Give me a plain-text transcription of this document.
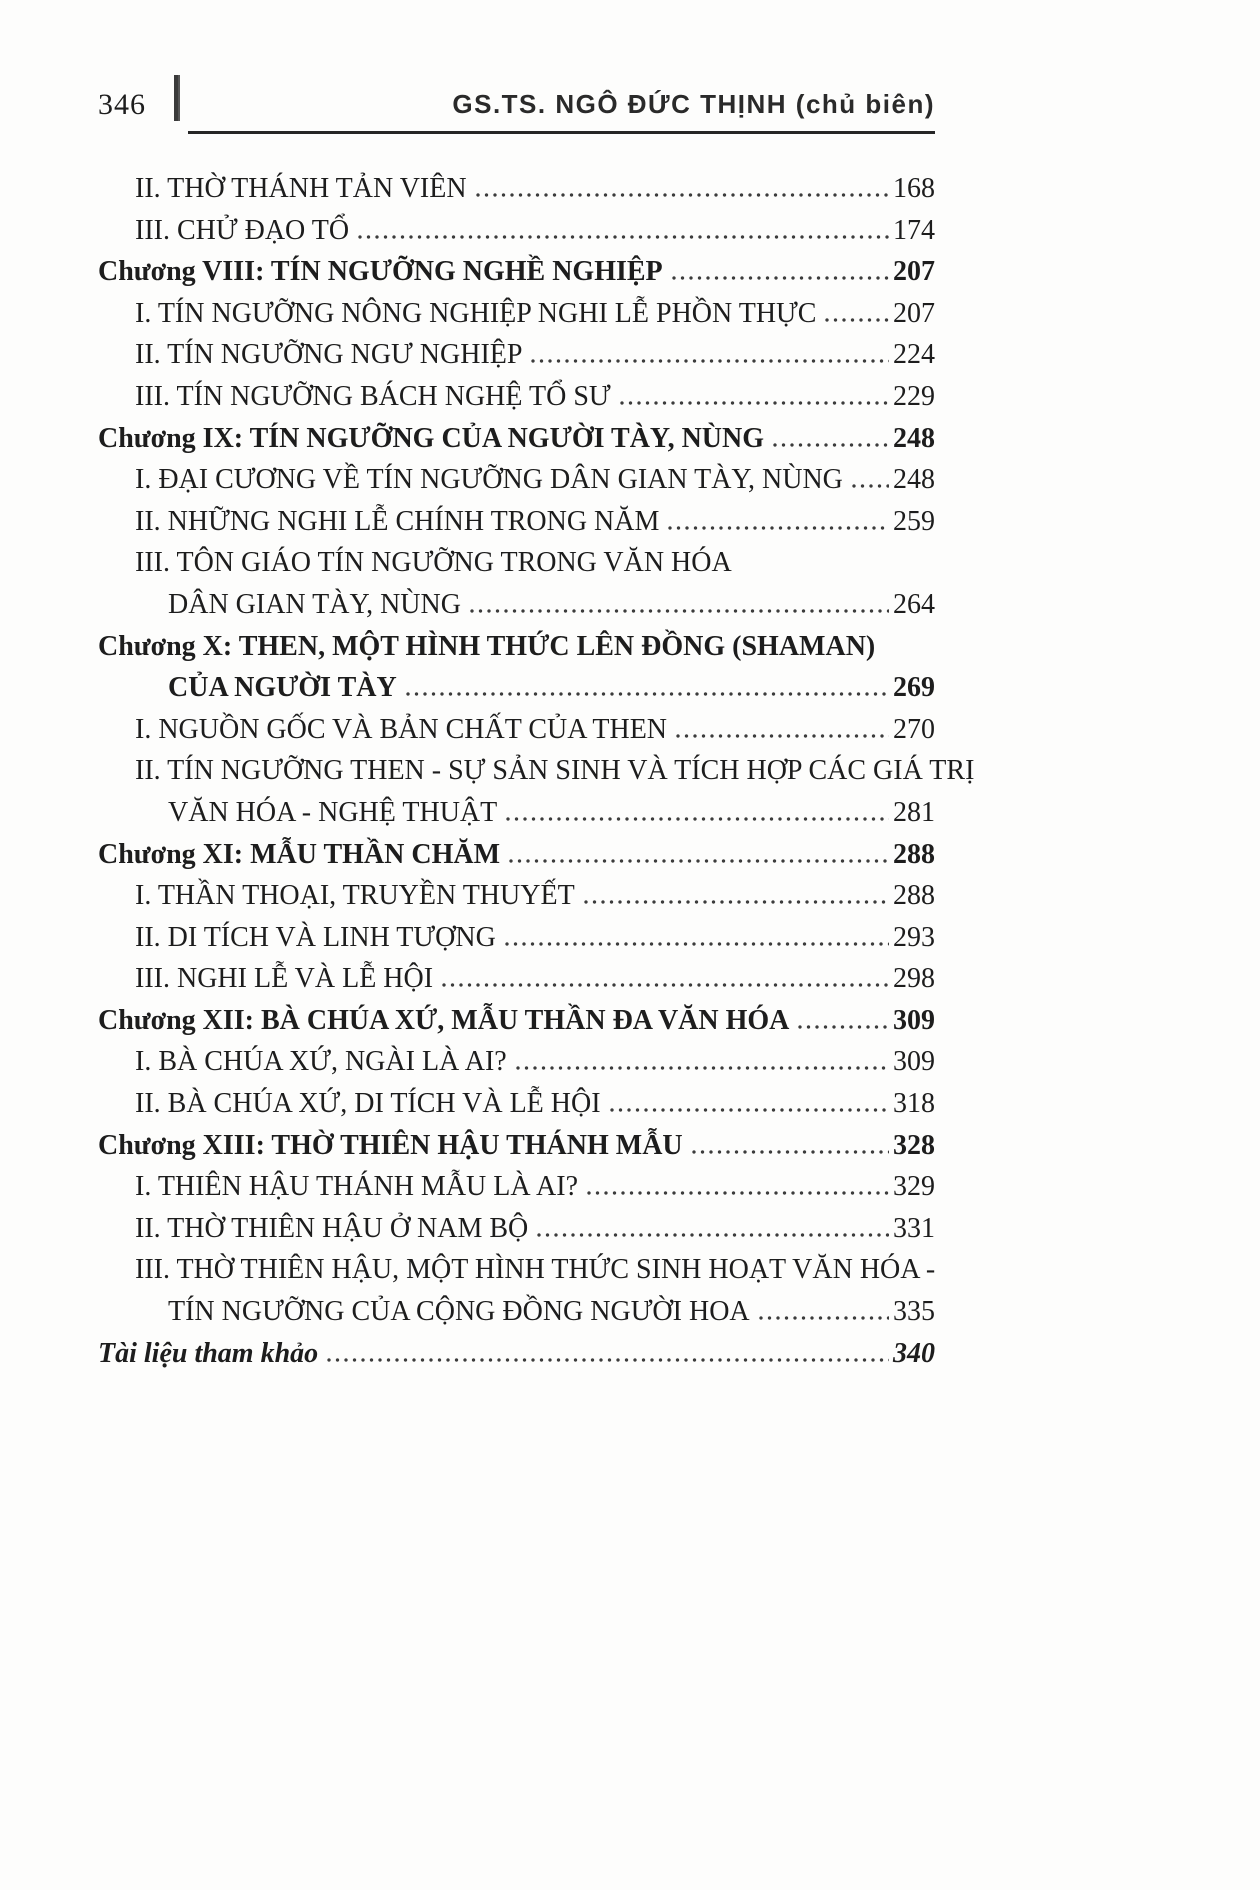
346	GS.TS. NGÔ ĐỨC THỊNH (chủ biên)
II. THỜ THÁNH TẢN VIÊN	168
III. CHỬ ĐẠO TỔ	174
Chương VIII: TÍN NGƯỠNG NGHỀ NGHIỆP	207
I. TÍN NGƯỠNG NÔNG NGHIỆP NGHI LỄ PHỒN THỰC	207
II. TÍN NGƯỠNG NGƯ NGHIỆP	224
III. TÍN NGƯỠNG BÁCH NGHỆ TỔ SƯ	229
Chương IX: TÍN NGƯỠNG CỦA NGƯỜI TÀY, NÙNG	248
I. ĐẠI CƯƠNG VỀ TÍN NGƯỠNG DÂN GIAN TÀY, NÙNG 248
II. NHỮNG NGHI LỄ CHÍNH TRONG NĂM	259
III. TÔN GIÁO TÍN NGƯỠNG TRONG VĂN HÓA
DÂN GIAN TÀY, NÙNG	264
Chương X: THEN, MỘT HÌNH THỨC LÊN ĐỒNG (SHAMAN)
CỦA NGƯỜI TÀY	269
I. NGUỒN GỐC VÀ BẢN CHẤT CỦA THEN	270
II. TÍN NGƯỠNG THEN - SỰ SẢN SINH VÀ TÍCH HỢP CÁC GIÁ TRỊ
VĂN HÓA - NGHỆ THUẬT	281
Chương XI: MẪU THẦN CHĂM	288
I. THẦN THOẠI, TRUYỀN THUYẾT	288
II. DI TÍCH VÀ LINH TƯỢNG	293
III. NGHI LỄ VÀ LỄ HỘI	298
Chương XII: BÀ CHÚA XỨ, MẪU THẦN ĐA VĂN HÓA	309
I. BÀ CHÚA XỨ, NGÀI LÀ AI?	309
II. BÀ CHÚA XỨ, DI TÍCH VÀ LỄ HỘI	318
Chương XIII: THỜ THIÊN HẬU THÁNH MẪU	328
I. THIÊN HẬU THÁNH MẪU LÀ AI?	329
II. THỜ THIÊN HẬU Ở NAM BỘ	331
III. THỜ THIÊN HẬU, MỘT HÌNH THỨC SINH HOẠT VĂN HÓA -
TÍN NGƯỠNG CỦA CỘNG ĐỒNG NGƯỜI HOA	335
Tài liệu tham khảo	340
